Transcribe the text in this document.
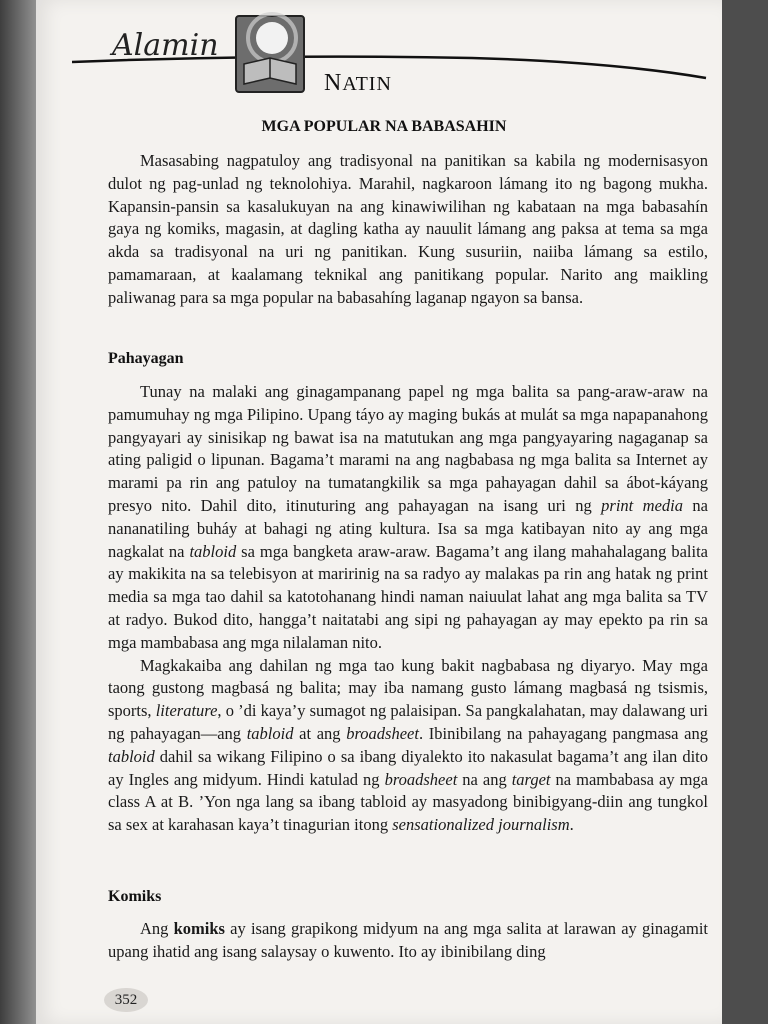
Alamin
NATIN
MGA POPULAR NA BABASAHIN

Masasabing nagpatuloy ang tradisyonal na panitikan sa kabila ng modernisasyon dulot ng pag-unlad ng teknolohiya. Marahil, nagkaroon lámang ito ng bagong mukha. Kapansin-pansin sa kasalukuyan na ang kinawiwilihan ng kabataan na mga babasahín gaya ng komiks, magasin, at dagling katha ay nauulit lámang ang paksa at tema sa mga akda sa tradisyonal na uri ng panitikan. Kung susuriin, naiiba lámang sa estilo, pamamaraan, at kaalamang teknikal ang panitikang popular. Narito ang maikling paliwanag para sa mga popular na babasahíng laganap ngayon sa bansa.

Pahayagan

Tunay na malaki ang ginagampanang papel ng mga balita sa pang-araw-araw na pamumuhay ng mga Pilipino. Upang táyo ay maging bukás at mulát sa mga napapanahong pangyayari ay sinisikap ng bawat isa na matutukan ang mga pangyayaring nagaganap sa ating paligid o lipunan. Bagama’t marami na ang nagbabasa ng mga balita sa Internet ay marami pa rin ang patuloy na tumatangkilik sa mga pahayagan dahil sa ábot-káyang presyo nito. Dahil dito, itinuturing ang pahayagan na isang uri ng print media na nananatiling buháy at bahagi ng ating kultura. Isa sa mga katibayan nito ay ang mga nagkalat na tabloid sa mga bangketa araw-araw. Bagama’t ang ilang mahahalagang balita ay makikita na sa telebisyon at maririnig na sa radyo ay malakas pa rin ang hatak ng print media sa mga tao dahil sa katotohanang hindi naman naiuulat lahat ang mga balita sa TV at radyo. Bukod dito, hangga’t naitatabi ang sipi ng pahayagan ay may epekto pa rin sa mga mambabasa ang mga nilalaman nito.

Magkakaiba ang dahilan ng mga tao kung bakit nagbabasa ng diyaryo. May mga taong gustong magbasá ng balita; may iba namang gusto lámang magbasá ng tsismis, sports, literature, o ’di kaya’y sumagot ng palaisipan. Sa pangkalahatan, may dalawang uri ng pahayagan—ang tabloid at ang broadsheet. Ibinibilang na pahayagang pangmasa ang tabloid dahil sa wikang Filipino o sa ibang diyalekto ito nakasulat bagama’t ang ilan dito ay Ingles ang midyum. Hindi katulad ng broadsheet na ang target na mambabasa ay mga class A at B. ’Yon nga lang sa ibang tabloid ay masyadong binibigyang-diin ang tungkol sa sex at karahasan kaya’t tinagurian itong sensationalized journalism.

Komiks

Ang komiks ay isang grapikong midyum na ang mga salita at larawan ay ginagamit upang ihatid ang isang salaysay o kuwento. Ito ay ibinibilang ding

352
